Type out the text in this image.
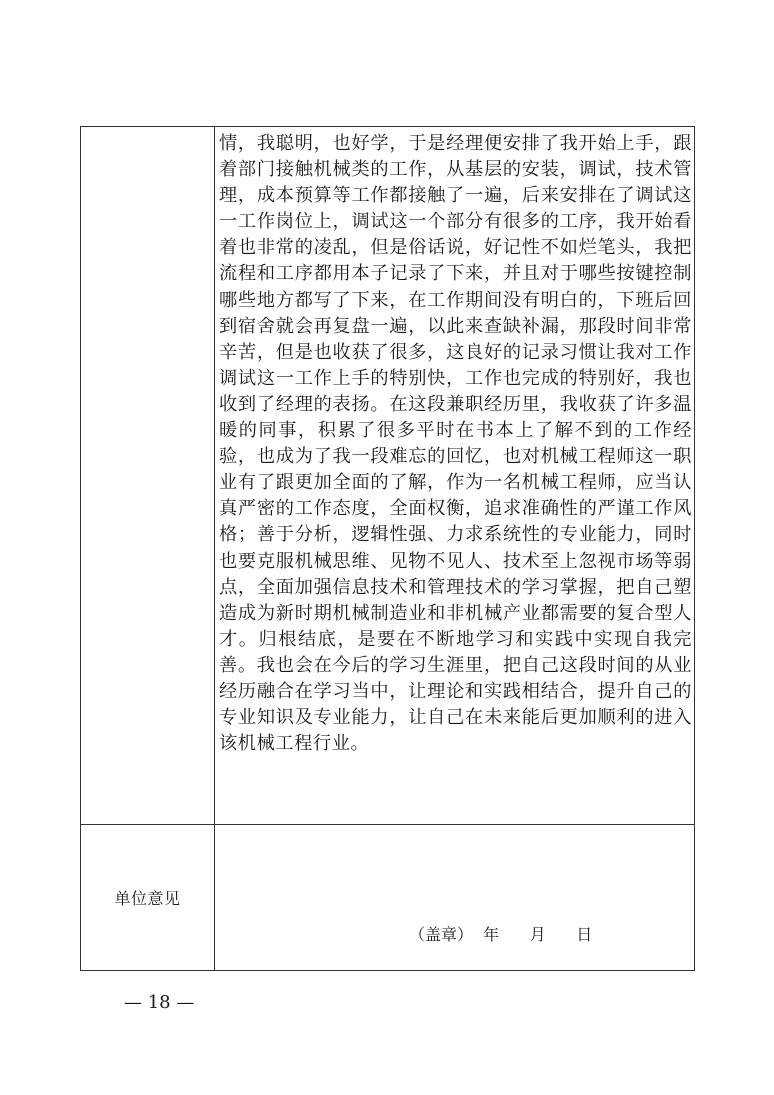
情，我聪明，也好学，于是经理便安排了我开始上手，跟着部门接触机械类的工作，从基层的安装，调试，技术管理，成本预算等工作都接触了一遍，后来安排在了调试这一工作岗位上，调试这一个部分有很多的工序，我开始看着也非常的凌乱，但是俗话说，好记性不如烂笔头，我把流程和工序都用本子记录了下来，并且对于哪些按键控制哪些地方都写了下来，在工作期间没有明白的，下班后回到宿舍就会再复盘一遍，以此来查缺补漏，那段时间非常辛苦，但是也收获了很多，这良好的记录习惯让我对工作调试这一工作上手的特别快，工作也完成的特别好，我也收到了经理的表扬。在这段兼职经历里，我收获了许多温暖的同事，积累了很多平时在书本上了解不到的工作经验，也成为了我一段难忘的回忆，也对机械工程师这一职业有了跟更加全面的了解，作为一名机械工程师，应当认真严密的工作态度，全面权衡，追求准确性的严谨工作风格；善于分析，逻辑性强、力求系统性的专业能力，同时也要克服机械思维、见物不见人、技术至上忽视市场等弱点，全面加强信息技术和管理技术的学习掌握，把自己塑造成为新时期机械制造业和非机械产业都需要的复合型人才。归根结底，是要在不断地学习和实践中实现自我完善。我也会在今后的学习生涯里，把自己这段时间的从业经历融合在学习当中，让理论和实践相结合，提升自己的专业知识及专业能力，让自己在未来能后更加顺利的进入该机械工程行业。

单位意见
（盖章）  年      月      日
— 18 —
